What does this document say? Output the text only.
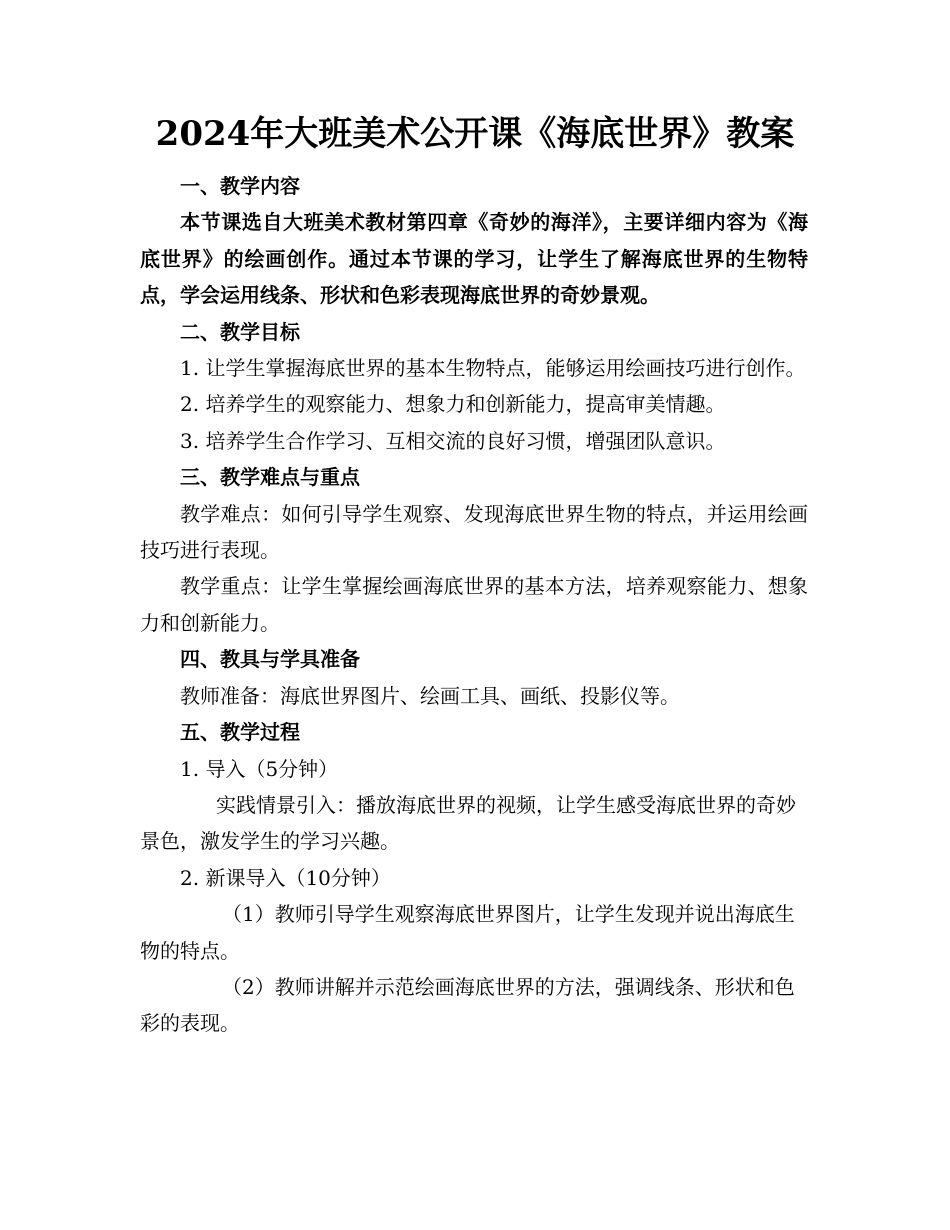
2024年大班美术公开课《海底世界》教案

一、教学内容

本节课选自大班美术教材第四章《奇妙的海洋》，主要详细内容为《海底世界》的绘画创作。通过本节课的学习，让学生了解海底世界的生物特点，学会运用线条、形状和色彩表现海底世界的奇妙景观。

二、教学目标

1. 让学生掌握海底世界的基本生物特点，能够运用绘画技巧进行创作。

2. 培养学生的观察能力、想象力和创新能力，提高审美情趣。

3. 培养学生合作学习、互相交流的良好习惯，增强团队意识。

三、教学难点与重点

教学难点：如何引导学生观察、发现海底世界生物的特点，并运用绘画技巧进行表现。

教学重点：让学生掌握绘画海底世界的基本方法，培养观察能力、想象力和创新能力。

四、教具与学具准备

教师准备：海底世界图片、绘画工具、画纸、投影仪等。

五、教学过程

1. 导入（5分钟）

实践情景引入：播放海底世界的视频，让学生感受海底世界的奇妙景色，激发学生的学习兴趣。

2. 新课导入（10分钟）

（1）教师引导学生观察海底世界图片，让学生发现并说出海底生物的特点。

（2）教师讲解并示范绘画海底世界的方法，强调线条、形状和色彩的表现。
